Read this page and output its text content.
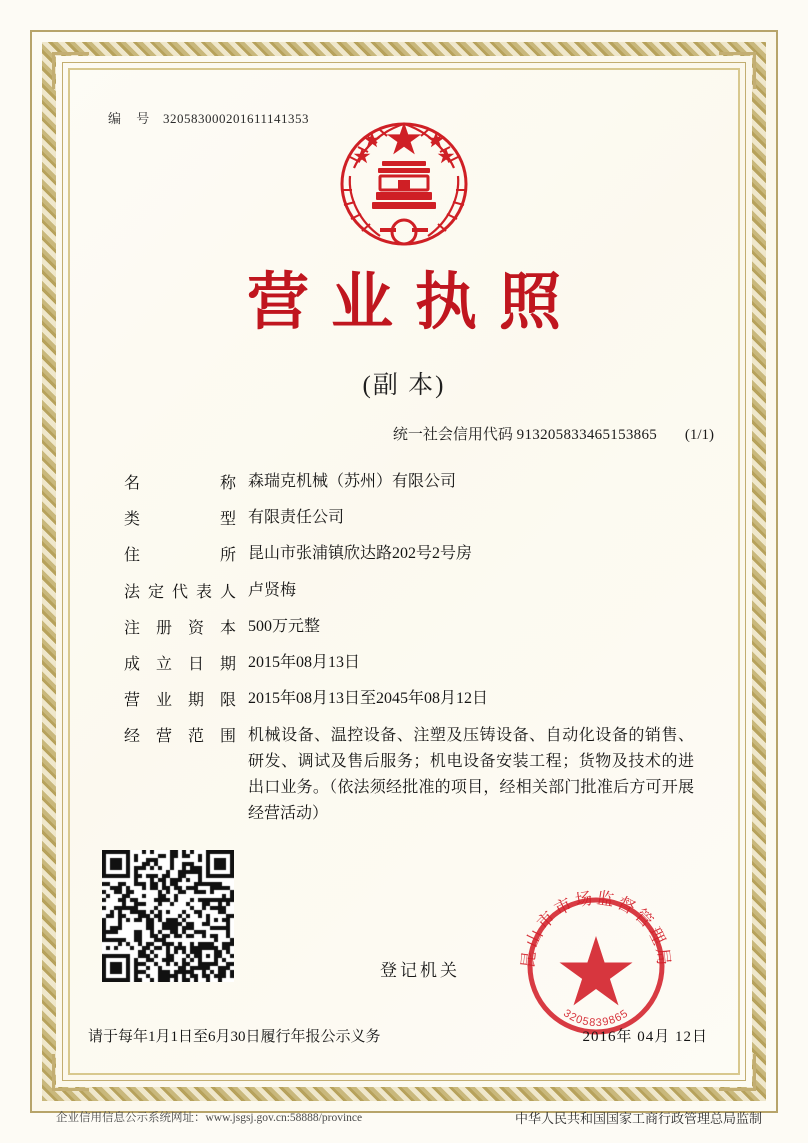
编 号 320583000201611141353
营业执照
(副 本)
统一社会信用代码 913205833465153865 (1/1)
名称 森瑞克机械（苏州）有限公司
类型 有限责任公司
住所 昆山市张浦镇欣达路202号2号房
法定代表人 卢贤梅
注册资本 500万元整
成立日期 2015年08月13日
营业期限 2015年08月13日至2045年08月12日
经营范围 机械设备、温控设备、注塑及压铸设备、自动化设备的销售、研发、调试及售后服务；机电设备安装工程；货物及技术的进出口业务。（依法须经批准的项目，经相关部门批准后方可开展经营活动）
登记机关
昆山市市场监督管理局
3205839865
请于每年1月1日至6月30日履行年报公示义务	2016年 04月 12日
企业信用信息公示系统网址：www.jsgsj.gov.cn:58888/province	中华人民共和国国家工商行政管理总局监制
